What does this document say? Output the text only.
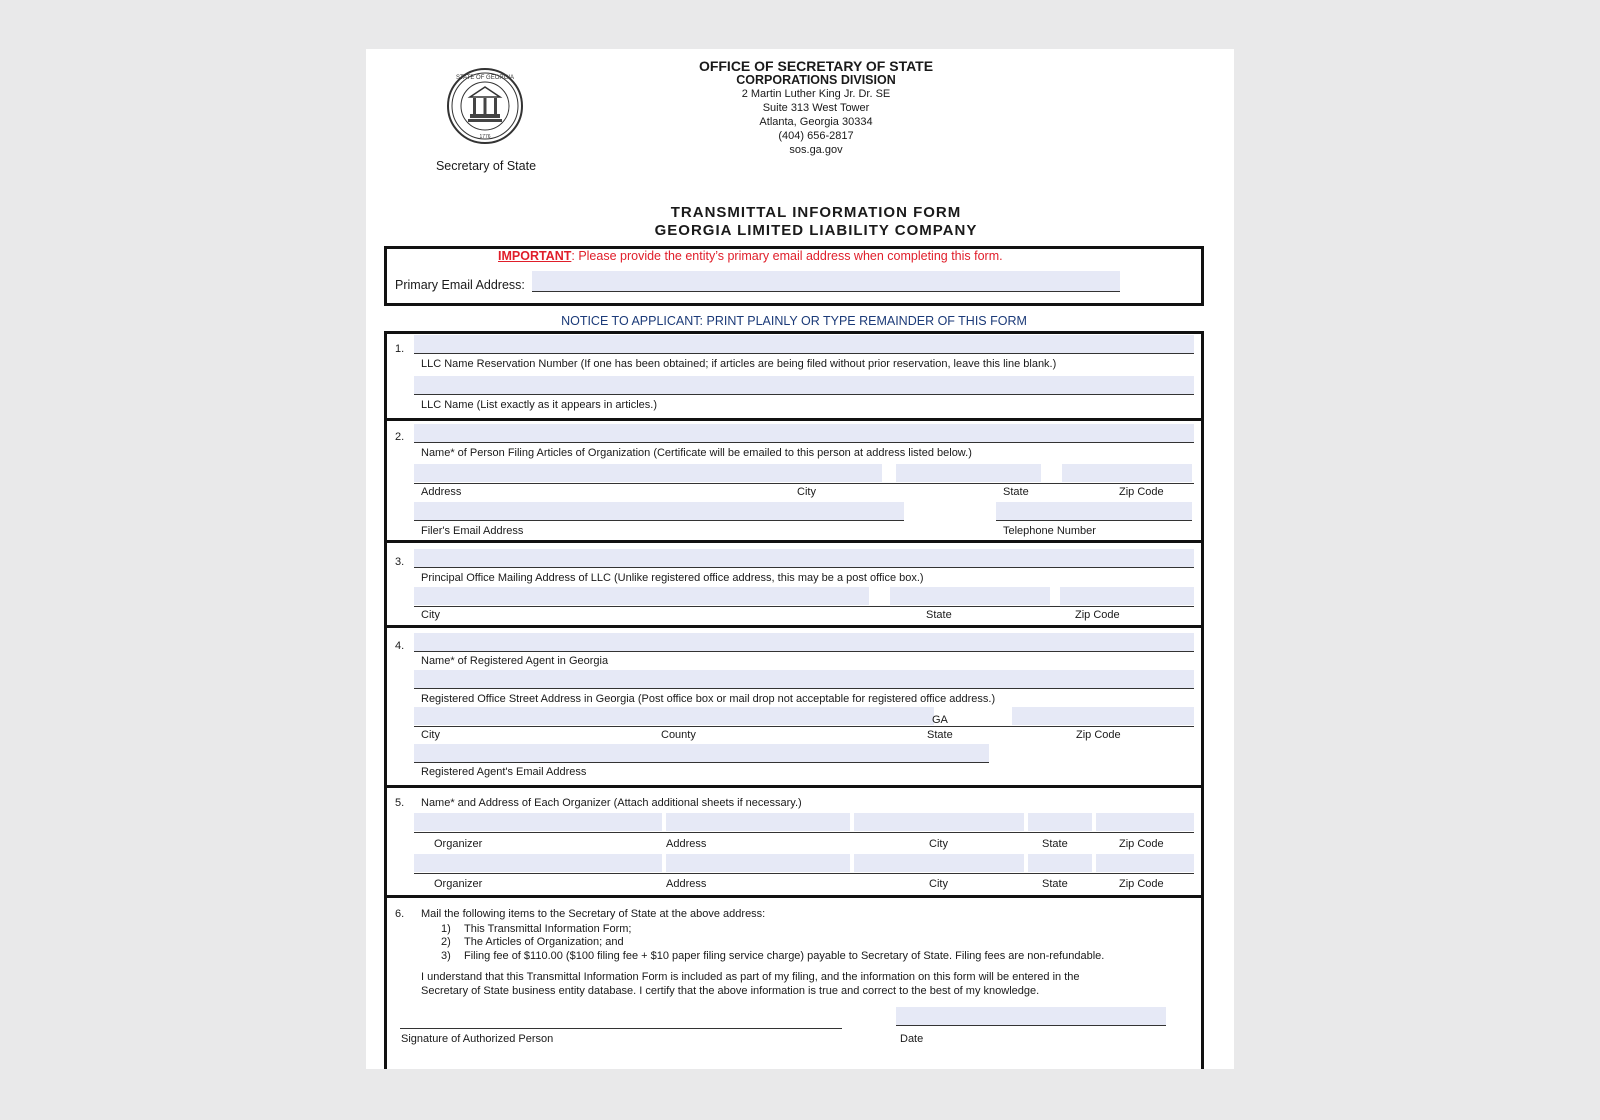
STATE OF GEORGIA
1776
Secretary of State
OFFICE OF SECRETARY OF STATE
CORPORATIONS DIVISION
2 Martin Luther King Jr. Dr. SE
Suite 313 West Tower
Atlanta, Georgia 30334
(404) 656-2817
sos.ga.gov
TRANSMITTAL INFORMATION FORM
GEORGIA LIMITED LIABILITY COMPANY
IMPORTANT: Please provide the entity’s primary email address when completing this form.
Primary Email Address:
NOTICE TO APPLICANT: PRINT PLAINLY OR TYPE REMAINDER OF THIS FORM
1.
LLC Name Reservation Number (If one has been obtained; if articles are being filed without prior reservation, leave this line blank.)
LLC Name (List exactly as it appears in articles.)
2.
Name* of Person Filing Articles of Organization (Certificate will be emailed to this person at address listed below.)
Address	City	State	Zip Code
Filer's Email Address	Telephone Number
3.
Principal Office Mailing Address of LLC (Unlike registered office address, this may be a post office box.)
City	State	Zip Code
4.
Name* of Registered Agent in Georgia
Registered Office Street Address in Georgia (Post office box or mail drop not acceptable for registered office address.)
GA
City	County	State	Zip Code
Registered Agent's Email Address
5. Name* and Address of Each Organizer (Attach additional sheets if necessary.)
Organizer	Address	City	State	Zip Code
Organizer	Address	City	State	Zip Code
6. Mail the following items to the Secretary of State at the above address:
1) This Transmittal Information Form;
2) The Articles of Organization; and
3) Filing fee of $110.00 ($100 filing fee + $10 paper filing service charge) payable to Secretary of State. Filing fees are non-refundable.
I understand that this Transmittal Information Form is included as part of my filing, and the information on this form will be entered in the
Secretary of State business entity database. I certify that the above information is true and correct to the best of my knowledge.
Signature of Authorized Person	Date
